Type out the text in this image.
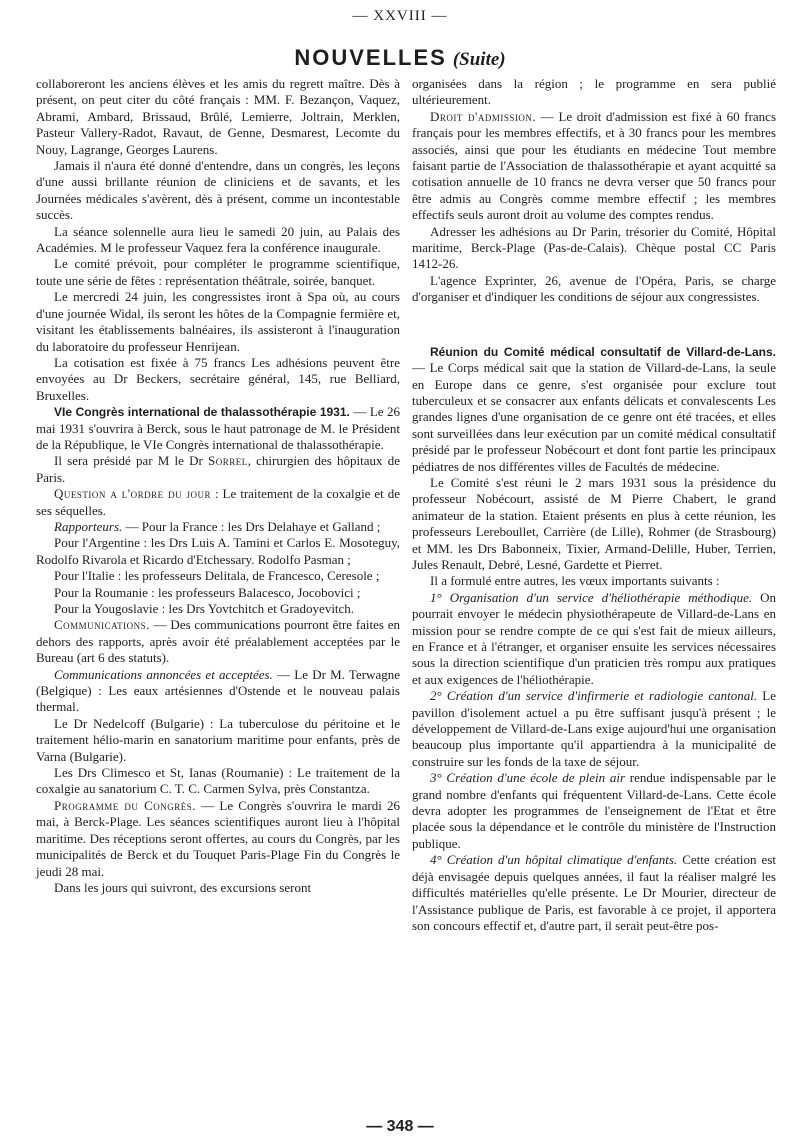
— XXVIII —
NOUVELLES (Suite)

collaboreront les anciens élèves et les amis du regrett maître. Dès à présent, on peut citer du côté français : MM. F. Bezançon, Vaquez, Abrami, Ambard, Brissaud, Brûlé, Lemierre, Joltrain, Merklen, Pasteur Vallery-Radot, Ravaut, de Genne, Desmarest, Lecomte du Nouy, Lagrange, Georges Laurens.

Jamais il n'aura été donné d'entendre, dans un congrès, les leçons d'une aussi brillante réunion de cliniciens et de savants, et les Journées médicales s'avèrent, dès à présent, comme un incontestable succès.

La séance solennelle aura lieu le samedi 20 juin, au Palais des Académies. M le professeur Vaquez fera la conférence inaugurale.

Le comité prévoit, pour compléter le programme scientifique, toute une série de fêtes : représentation théâtrale, soirée, banquet.

Le mercredi 24 juin, les congressistes iront à Spa où, au cours d'une journée Widal, ils seront les hôtes de la Compagnie fermière et, visitant les établissements balnéaires, ils assisteront à l'inauguration du laboratoire du professeur Henrijean.

La cotisation est fixée à 75 francs Les adhésions peuvent être envoyées au Dr Beckers, secrétaire général, 145, rue Belliard, Bruxelles.

VIe Congrès international de thalassothérapie 1931. — Le 26 mai 1931 s'ouvrira à Berck, sous le haut patronage de M. le Président de la République, le VIe Congrès international de thalassothérapie.

Il sera présidé par M le Dr Sorrel, chirurgien des hôpitaux de Paris.

Question a l'ordre du jour : Le traitement de la coxalgie et de ses séquelles.

Rapporteurs. — Pour la France : les Drs Delahaye et Galland ;

Pour l'Argentine : les Drs Luis A. Tamini et Carlos E. Mosoteguy, Rodolfo Rivarola et Ricardo d'Etchessary. Rodolfo Pasman ;

Pour l'Italie : les professeurs Delitala, de Francesco, Ceresole ;

Pour la Roumanie : les professeurs Balacesco, Jocobovici ;

Pour la Yougoslavie : les Drs Yovtchitch et Gradoyevitch.

Communications. — Des communications pourront être faites en dehors des rapports, après avoir été préalablement acceptées par le Bureau (art 6 des statuts).

Communications annoncées et acceptées. — Le Dr M. Terwagne (Belgique) : Les eaux artésiennes d'Ostende et le nouveau palais thermal.

Le Dr Nedelcoff (Bulgarie) : La tuberculose du péritoine et le traitement hélio-marin en sanatorium maritime pour enfants, près de Varna (Bulgarie).

Les Drs Climesco et St, Ianas (Roumanie) : Le traitement de la coxalgie au sanatorium C. T. C. Carmen Sylva, près Constantza.

Programme du Congrès. — Le Congrès s'ouvrira le mardi 26 mai, à Berck-Plage. Les séances scientifiques auront lieu à l'hôpital maritime. Des réceptions seront offertes, au cours du Congrès, par les municipalités de Berck et du Touquet Paris-Plage Fin du Congrès le jeudi 28 mai.

Dans les jours qui suivront, des excursions seront

organisées dans la région ; le programme en sera publié ultérieurement.

Droit d'admission. — Le droit d'admission est fixé à 60 francs français pour les membres effectifs, et à 30 francs pour les membres associés, ainsi que pour les étudiants en médecine Tout membre faisant partie de l'Association de thalassothérapie et ayant acquitté sa cotisation annuelle de 10 francs ne devra verser que 50 francs pour être admis au Congrès comme membre effectif ; les membres effectifs seuls auront droit au volume des comptes rendus.

Adresser les adhésions au Dr Parin, trésorier du Comité, Hôpital maritime, Berck-Plage (Pas-de-Calais). Chèque postal CC Paris 1412-26.

L'agence Exprinter, 26, avenue de l'Opéra, Paris, se charge d'organiser et d'indiquer les conditions de séjour aux congressistes.

Réunion du Comité médical consultatif de Villard-de-Lans. — Le Corps médical sait que la station de Villard-de-Lans, la seule en Europe dans ce genre, s'est organisée pour exclure tout tuberculeux et se consacrer aux enfants délicats et convalescents Les grandes lignes d'une organisation de ce genre ont été tracées, et elles sont surveillées dans leur exécution par un comité médical consultatif présidé par le professeur Nobécourt et dont font partie les principaux pédiatres de nos différentes villes de Facultés de médecine.

Le Comité s'est réuni le 2 mars 1931 sous la présidence du professeur Nobécourt, assisté de M Pierre Chabert, le grand animateur de la station. Etaient présents en plus à cette réunion, les professeurs Lereboullet, Carrière (de Lille), Rohmer (de Strasbourg) et MM. les Drs Babonneix, Tixier, Armand-Delille, Huber, Terrien, Jules Renault, Debré, Lesné, Gardette et Pierret.

Il a formulé entre autres, les vœux importants suivants :

1° Organisation d'un service d'héliothérapie méthodique. On pourrait envoyer le médecin physiothérapeute de Villard-de-Lans en mission pour se rendre compte de ce qui s'est fait de mieux ailleurs, en France et à l'étranger, et organiser ensuite les services nécessaires sous la direction scientifique d'un praticien très rompu aux pratiques et aux exigences de l'héliothérapie.

2° Création d'un service d'infirmerie et radiologie cantonal. Le pavillon d'isolement actuel a pu être suffisant jusqu'à présent ; le développement de Villard-de-Lans exige aujourd'hui une organisation beaucoup plus importante qu'il appartiendra à la municipalité de construire sur les fonds de la taxe de séjour.

3° Création d'une école de plein air rendue indispensable par le grand nombre d'enfants qui fréquentent Villard-de-Lans. Cette école devra adopter les programmes de l'enseignement de l'Etat et être placée sous la dépendance et le contrôle du ministère de l'Instruction publique.

4° Création d'un hôpital climatique d'enfants. Cette création est déjà envisagée depuis quelques années, il faut la réaliser malgré les difficultés matérielles qu'elle présente. Le Dr Mourier, directeur de l'Assistance publique de Paris, est favorable à ce projet, il apportera son concours effectif et, d'autre part, il serait peut-être pos-

— 348 —
